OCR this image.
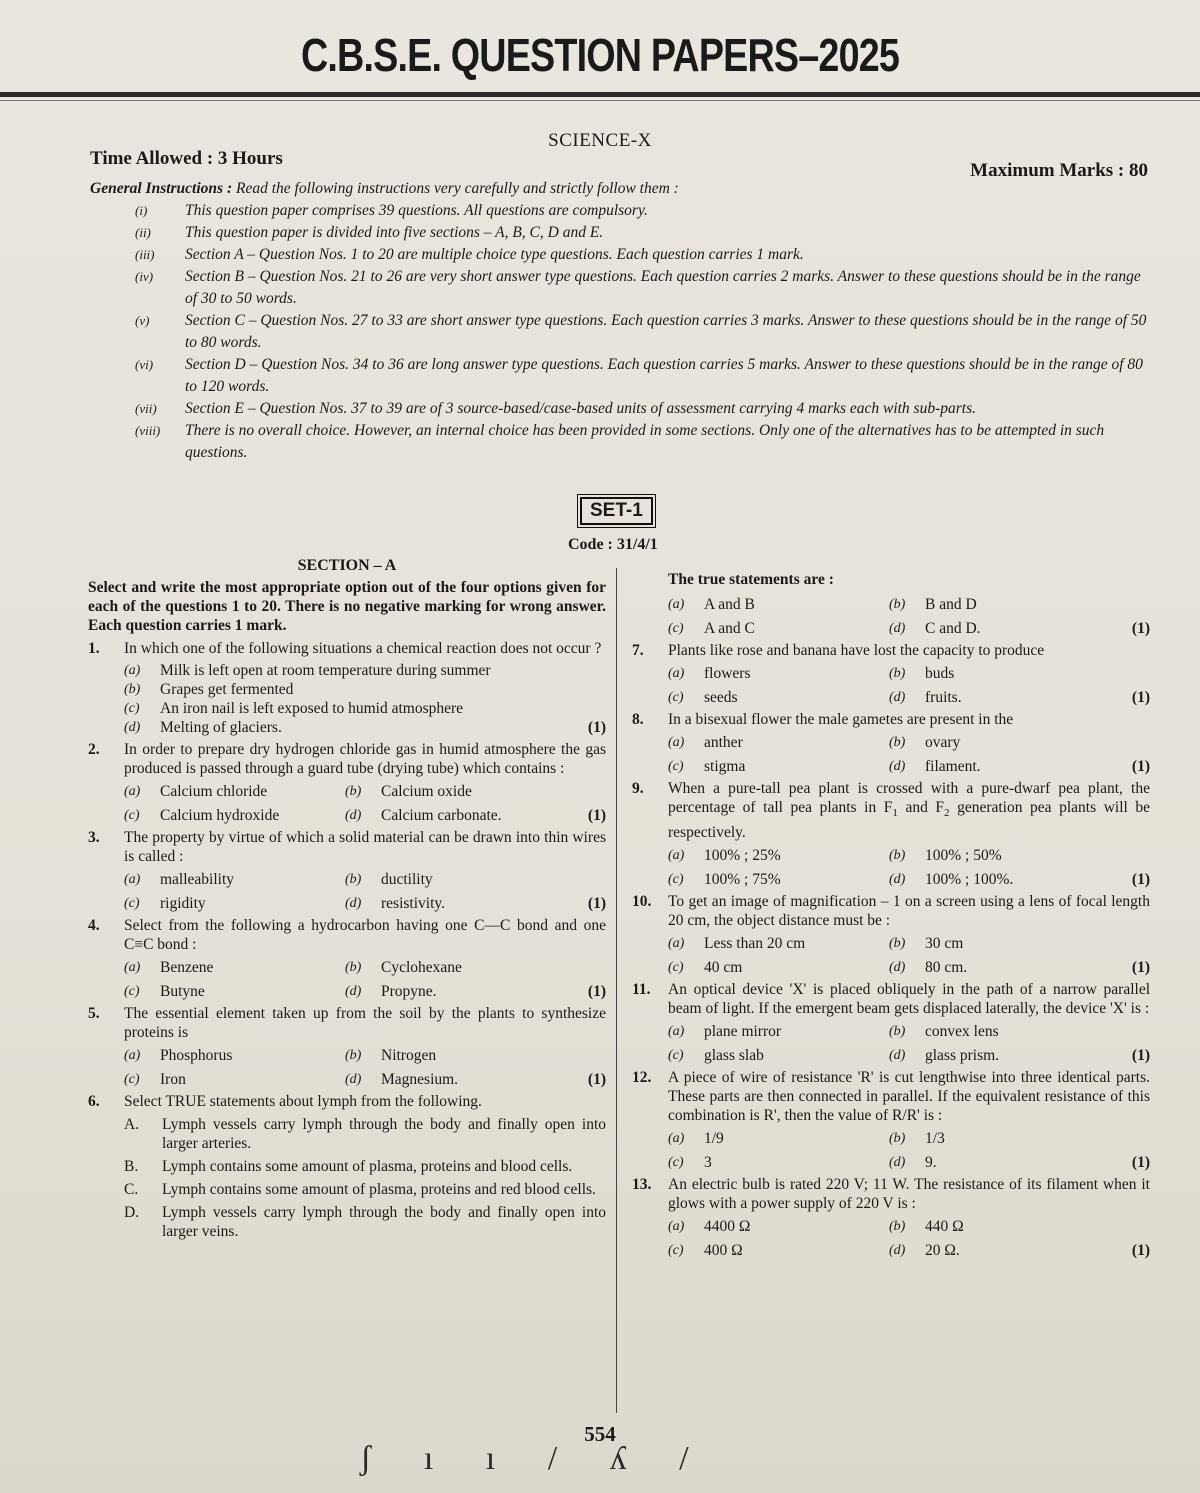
C.B.S.E. QUESTION PAPERS–2025
SCIENCE-X
Time Allowed : 3 Hours
Maximum Marks : 80
General Instructions : Read the following instructions very carefully and strictly follow them :
(i)	This question paper comprises 39 questions. All questions are compulsory.
(ii)	This question paper is divided into five sections – A, B, C, D and E.
(iii)	Section A – Question Nos. 1 to 20 are multiple choice type questions. Each question carries 1 mark.
(iv)	Section B – Question Nos. 21 to 26 are very short answer type questions. Each question carries 2 marks. Answer to these questions should be in the range of 30 to 50 words.
(v)	Section C – Question Nos. 27 to 33 are short answer type questions. Each question carries 3 marks. Answer to these questions should be in the range of 50 to 80 words.
(vi)	Section D – Question Nos. 34 to 36 are long answer type questions. Each question carries 5 marks. Answer to these questions should be in the range of 80 to 120 words.
(vii)	Section E – Question Nos. 37 to 39 are of 3 source-based/case-based units of assessment carrying 4 marks each with sub-parts.
(viii)	There is no overall choice. However, an internal choice has been provided in some sections. Only one of the alternatives has to be attempted in such questions.
SET-1
Code : 31/4/1
SECTION – A
Select and write the most appropriate option out of the four options given for each of the questions 1 to 20. There is no negative marking for wrong answer. Each question carries 1 mark.
1.	In which one of the following situations a chemical reaction does not occur ?
(a)	Milk is left open at room temperature during summer
(b)	Grapes get fermented
(c)	An iron nail is left exposed to humid atmosphere
(d)	Melting of glaciers.	(1)
2.	In order to prepare dry hydrogen chloride gas in humid atmosphere the gas produced is passed through a guard tube (drying tube) which contains :
(a)	Calcium chloride	(b)	Calcium oxide
(c)	Calcium hydroxide	(d)	Calcium carbonate.	(1)
3.	The property by virtue of which a solid material can be drawn into thin wires is called :
(a)	malleability	(b)	ductility
(c)	rigidity	(d)	resistivity.	(1)
4.	Select from the following a hydrocarbon having one C—C bond and one C≡C bond :
(a)	Benzene	(b)	Cyclohexane
(c)	Butyne	(d)	Propyne.	(1)
5.	The essential element taken up from the soil by the plants to synthesize proteins is
(a)	Phosphorus	(b)	Nitrogen
(c)	Iron	(d)	Magnesium.	(1)
6.	Select TRUE statements about lymph from the following.
A.	Lymph vessels carry lymph through the body and finally open into larger arteries.
B.	Lymph contains some amount of plasma, proteins and blood cells.
C.	Lymph contains some amount of plasma, proteins and red blood cells.
D.	Lymph vessels carry lymph through the body and finally open into larger veins.
The true statements are :
(a)	A and B	(b)	B and D
(c)	A and C	(d)	C and D.	(1)
7.	Plants like rose and banana have lost the capacity to produce
(a)	flowers	(b)	buds
(c)	seeds	(d)	fruits.	(1)
8.	In a bisexual flower the male gametes are present in the
(a)	anther	(b)	ovary
(c)	stigma	(d)	filament.	(1)
9.	When a pure-tall pea plant is crossed with a pure-dwarf pea plant, the percentage of tall pea plants in $F_1$ and $F_2$ generation pea plants will be respectively.
(a)	100% ; 25%	(b)	100% ; 50%
(c)	100% ; 75%	(d)	100% ; 100%.	(1)
10.	To get an image of magnification – 1 on a screen using a lens of focal length 20 cm, the object distance must be :
(a)	Less than 20 cm	(b)	30 cm
(c)	40 cm	(d)	80 cm.	(1)
11.	An optical device 'X' is placed obliquely in the path of a narrow parallel beam of light. If the emergent beam gets displaced laterally, the device 'X' is :
(a)	plane mirror	(b)	convex lens
(c)	glass slab	(d)	glass prism.	(1)
12.	A piece of wire of resistance 'R' is cut lengthwise into three identical parts. These parts are then connected in parallel. If the equivalent resistance of this combination is R', then the value of R/R' is :
(a)	1/9	(b)	1/3
(c)	3	(d)	9.	(1)
13.	An electric bulb is rated 220 V; 11 W. The resistance of its filament when it glows with a power supply of 220 V is :
(a)	4400 Ω	(b)	440 Ω
(c)	400 Ω	(d)	20 Ω.	(1)
554
ʃ ı ı / ʎ /
